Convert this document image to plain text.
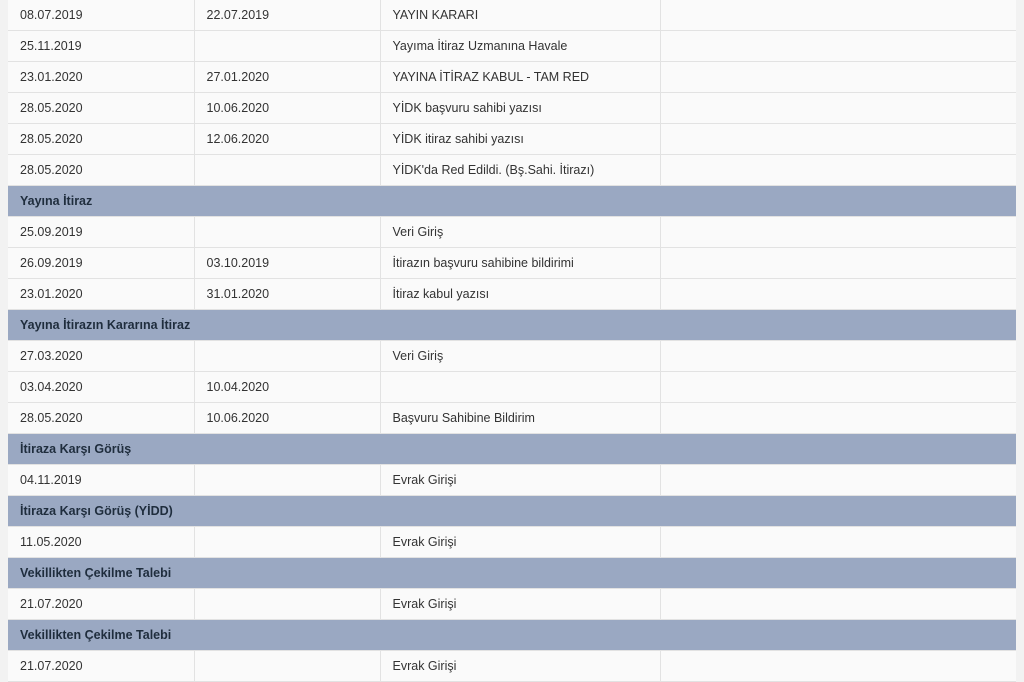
08.07.2019	22.07.2019	YAYIN KARARI	
25.11.2019		Yayıma İtiraz Uzmanına Havale	
23.01.2020	27.01.2020	YAYINA İTİRAZ KABUL - TAM RED	
28.05.2020	10.06.2020	YİDK başvuru sahibi yazısı	
28.05.2020	12.06.2020	YİDK itiraz sahibi yazısı	
28.05.2020		YİDK'da Red Edildi. (Bş.Sahi. İtirazı)	
Yayına İtiraz			
25.09.2019		Veri Giriş	
26.09.2019	03.10.2019	İtirazın başvuru sahibine bildirimi	
23.01.2020	31.01.2020	İtiraz kabul yazısı	
Yayına İtirazın Kararına İtiraz			
27.03.2020		Veri Giriş	
03.04.2020	10.04.2020		
28.05.2020	10.06.2020	Başvuru Sahibine Bildirim	
İtiraza Karşı Görüş			
04.11.2019		Evrak Girişi	
İtiraza Karşı Görüş (YİDD)			
11.05.2020		Evrak Girişi	
Vekillikten Çekilme Talebi			
21.07.2020		Evrak Girişi	
Vekillikten Çekilme Talebi			
21.07.2020		Evrak Girişi	
